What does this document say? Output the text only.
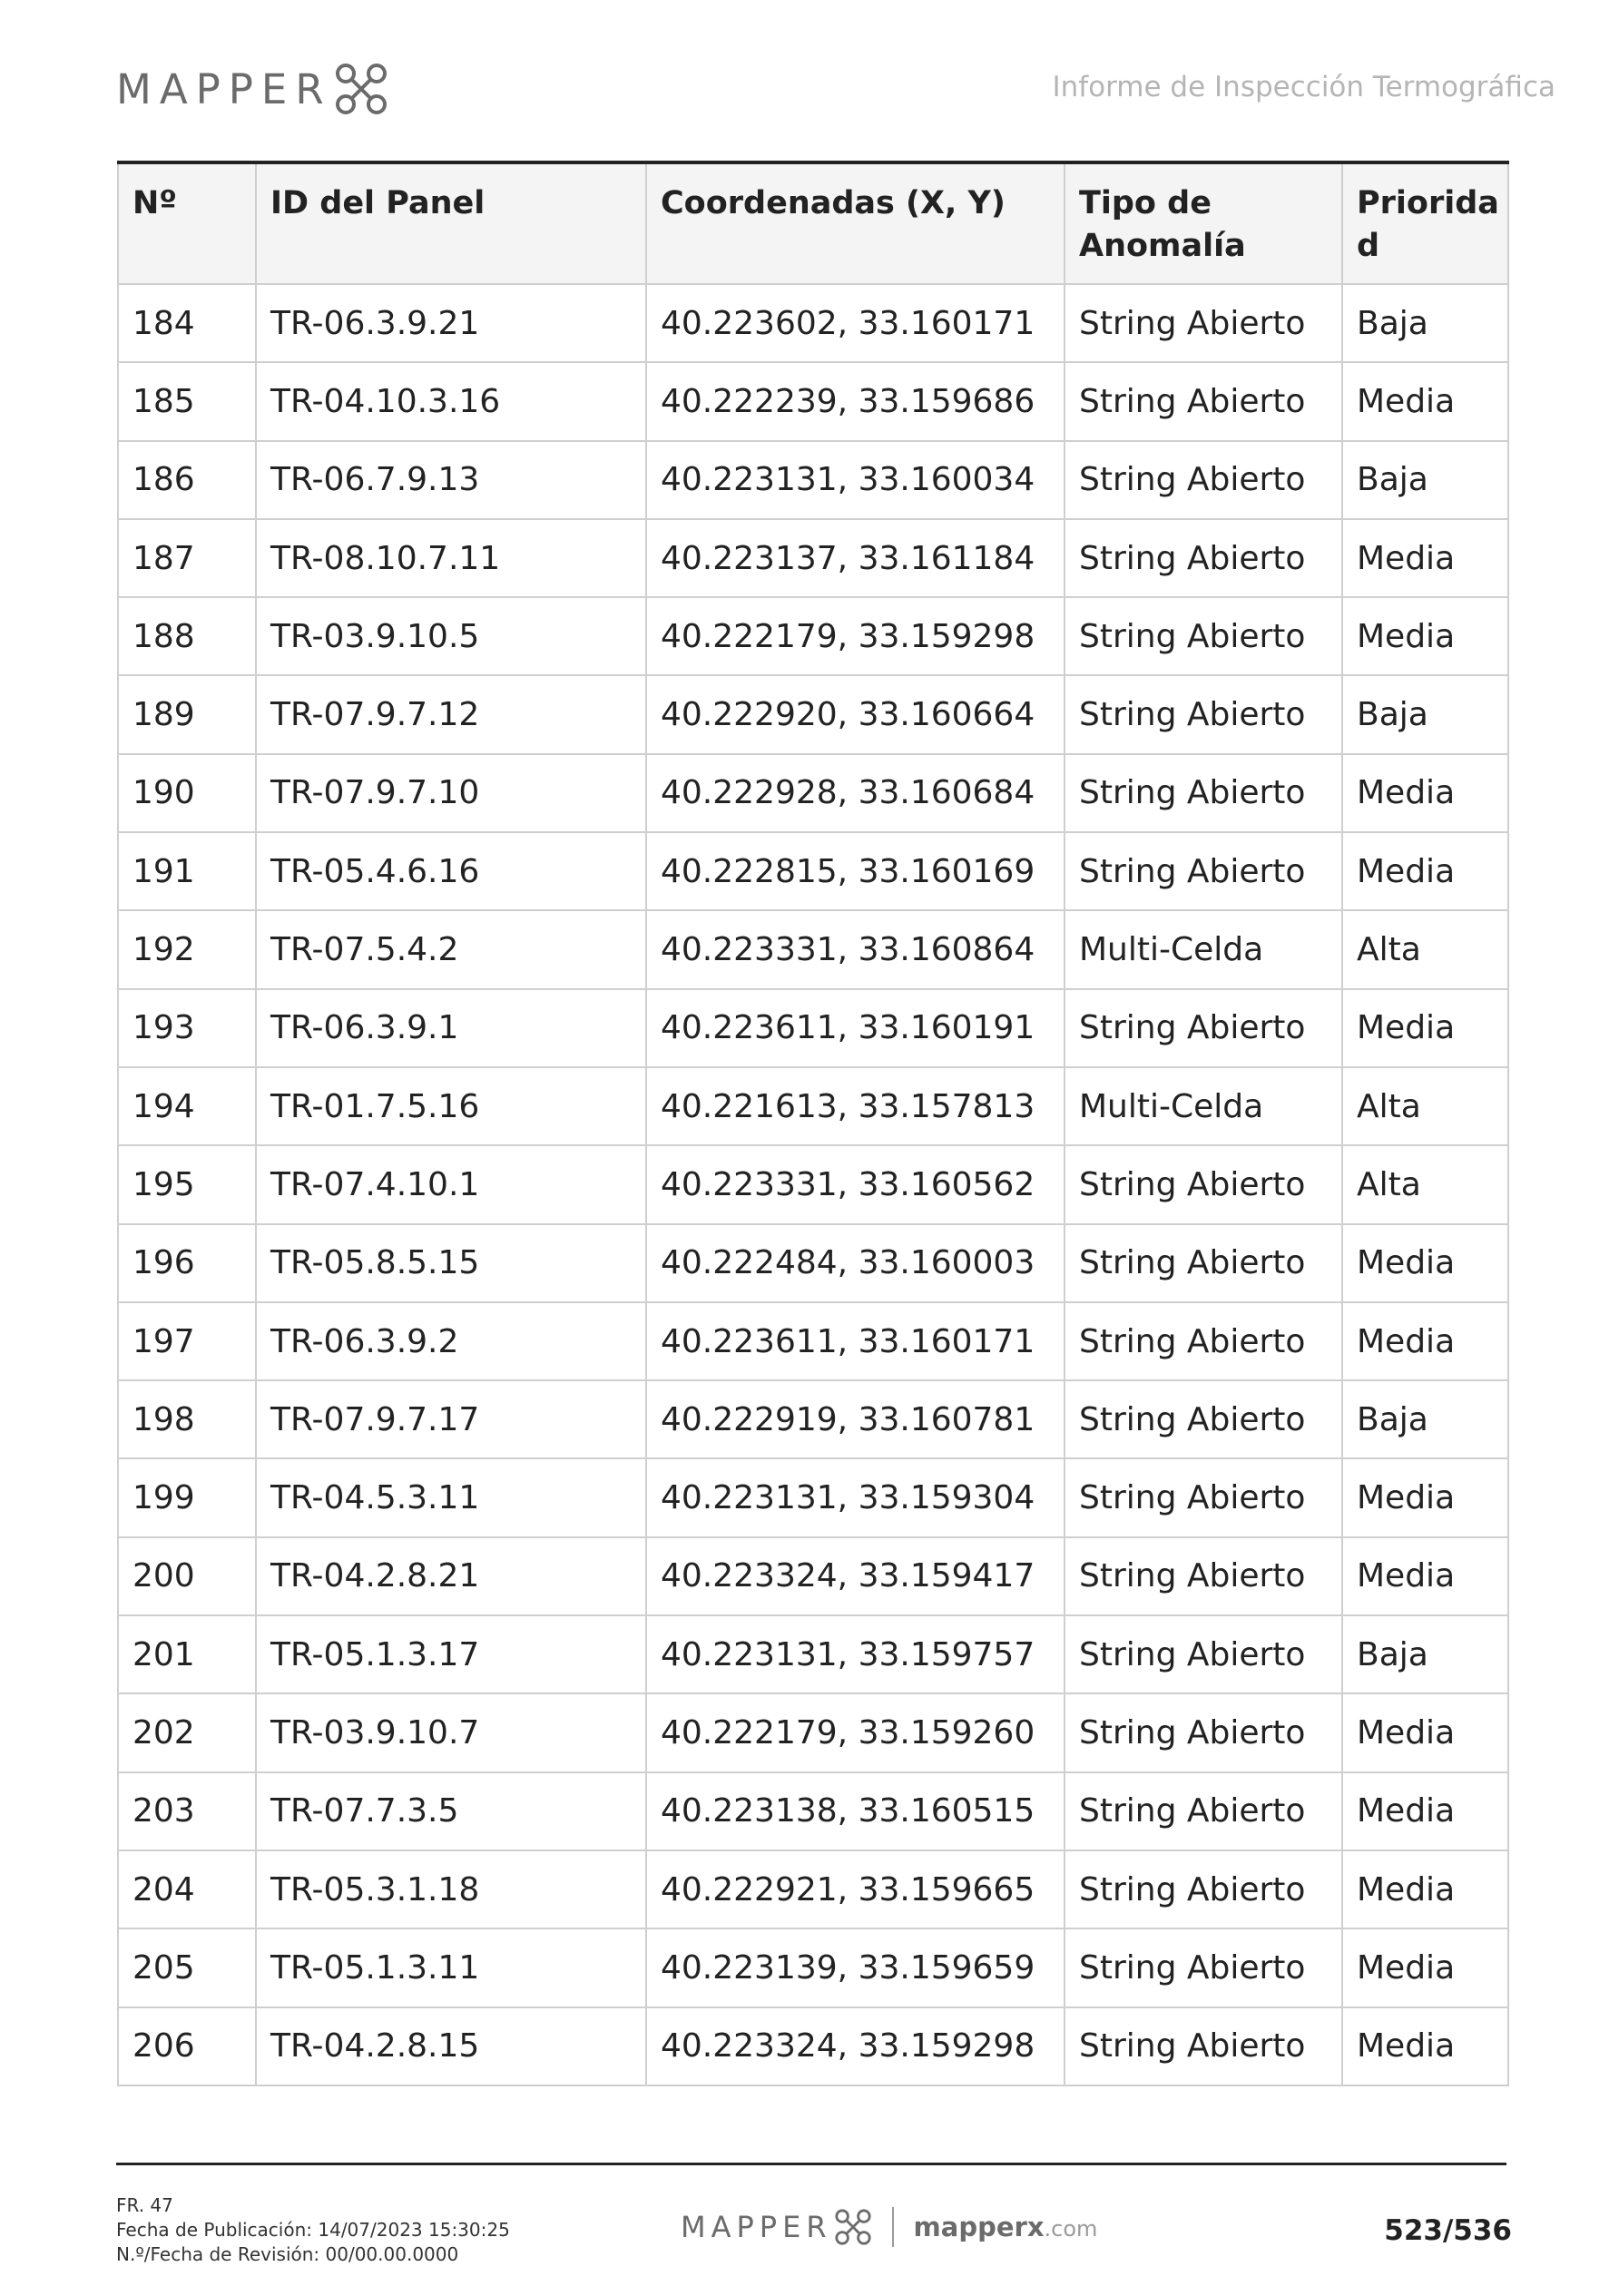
MAPPER	Informe de Inspección Termográfica
Nº	ID del Panel	Coordenadas (X, Y)	Tipo de Anomalía	Priorida d
184	TR-06.3.9.21	40.223602, 33.160171	String Abierto	Baja
185	TR-04.10.3.16	40.222239, 33.159686	String Abierto	Media
186	TR-06.7.9.13	40.223131, 33.160034	String Abierto	Baja
187	TR-08.10.7.11	40.223137, 33.161184	String Abierto	Media
188	TR-03.9.10.5	40.222179, 33.159298	String Abierto	Media
189	TR-07.9.7.12	40.222920, 33.160664	String Abierto	Baja
190	TR-07.9.7.10	40.222928, 33.160684	String Abierto	Media
191	TR-05.4.6.16	40.222815, 33.160169	String Abierto	Media
192	TR-07.5.4.2	40.223331, 33.160864	Multi-Celda	Alta
193	TR-06.3.9.1	40.223611, 33.160191	String Abierto	Media
194	TR-01.7.5.16	40.221613, 33.157813	Multi-Celda	Alta
195	TR-07.4.10.1	40.223331, 33.160562	String Abierto	Alta
196	TR-05.8.5.15	40.222484, 33.160003	String Abierto	Media
197	TR-06.3.9.2	40.223611, 33.160171	String Abierto	Media
198	TR-07.9.7.17	40.222919, 33.160781	String Abierto	Baja
199	TR-04.5.3.11	40.223131, 33.159304	String Abierto	Media
200	TR-04.2.8.21	40.223324, 33.159417	String Abierto	Media
201	TR-05.1.3.17	40.223131, 33.159757	String Abierto	Baja
202	TR-03.9.10.7	40.222179, 33.159260	String Abierto	Media
203	TR-07.7.3.5	40.223138, 33.160515	String Abierto	Media
204	TR-05.3.1.18	40.222921, 33.159665	String Abierto	Media
205	TR-05.1.3.11	40.223139, 33.159659	String Abierto	Media
206	TR-04.2.8.15	40.223324, 33.159298	String Abierto	Media
FR. 47
Fecha de Publicación: 14/07/2023 15:30:25
N.º/Fecha de Revisión: 00/00.00.0000
MAPPER	mapperx.com	523/536
